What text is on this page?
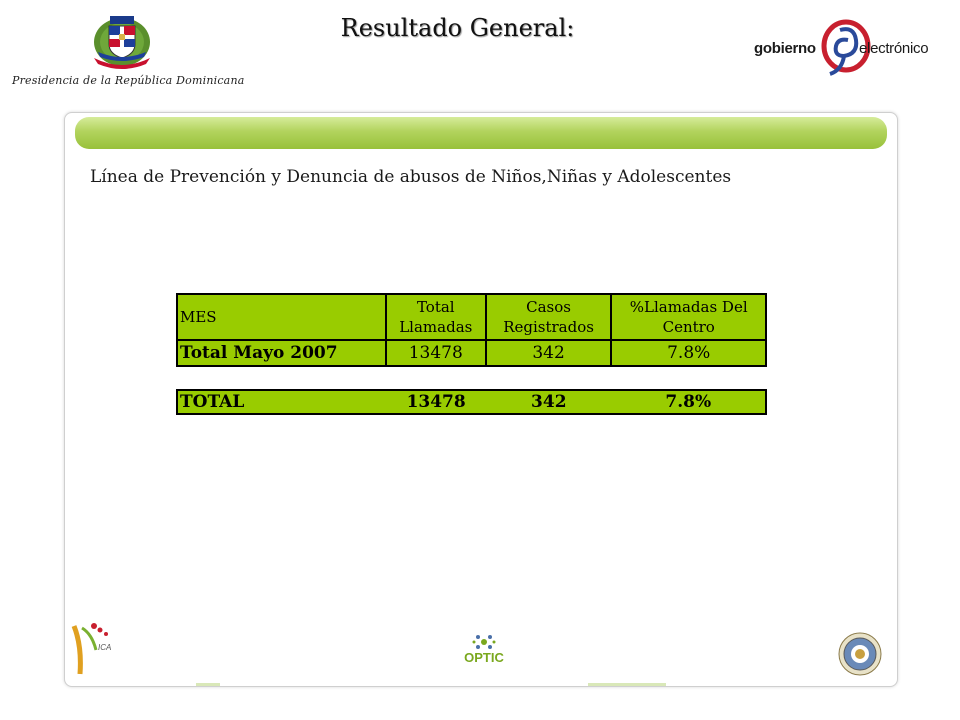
Presidencia de la República Dominicana
Resultado General:
gobierno	electrónico
Línea de Prevención y Denuncia de abusos de Niños,Niñas y Adolescentes
MES	Total Llamadas	Casos Registrados	%Llamadas Del Centro
Total Mayo 2007	13478	342	7.8%
TOTAL	13478	342	7.8%
ICA
OPTIC
